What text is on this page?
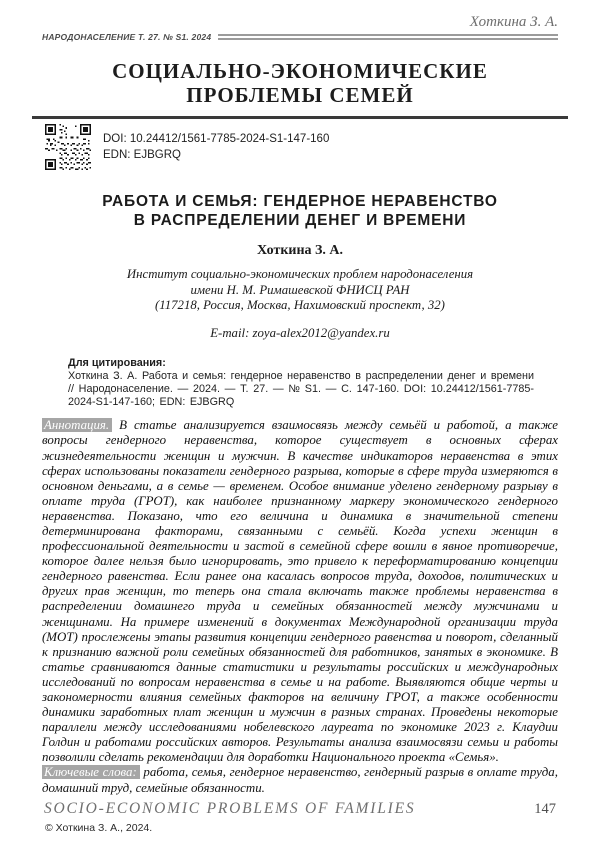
Хоткина З. А.
НАРОДОНАСЕЛЕНИЕ Т. 27. № S1. 2024
СОЦИАЛЬНО-ЭКОНОМИЧЕСКИЕ
ПРОБЛЕМЫ СЕМЕЙ
DOI: 10.24412/1561-7785-2024-S1-147-160
EDN: EJBGRQ
РАБОТА И СЕМЬЯ: ГЕНДЕРНОЕ НЕРАВЕНСТВО
В РАСПРЕДЕЛЕНИИ ДЕНЕГ И ВРЕМЕНИ
Хоткина З. А.
Институт социально-экономических проблем народонаселения
имени Н. М. Римашевской ФНИСЦ РАН
(117218, Россия, Москва, Нахимовский проспект, 32)
E-mail: zoya-alex2012@yandex.ru
Для цитирования:
Хоткина З. А. Работа и семья: гендерное неравенство в распределении денег и времени // Народонаселение. — 2024. — Т. 27. — № S1. — С. 147-160. DOI: 10.24412/1561-7785-2024-S1-147-160; EDN: EJBGRQ

Аннотация. В статье анализируется взаимосвязь между семьёй и работой, а также вопросы гендерного неравенства, которое существует в основных сферах жизнедеятельности женщин и мужчин. В качестве индикаторов неравенства в этих сферах использованы показатели гендерного разрыва, которые в сфере труда измеряются в основном деньгами, а в семье — временем. Особое внимание уделено гендерному разрыву в оплате труда (ГРОТ), как наиболее признанному маркеру экономического гендерного неравенства. Показано, что его величина и динамика в значительной степени детерминирована факторами, связанными с семьёй. Когда успехи женщин в профессиональной деятельности и застой в семейной сфере вошли в явное противоречие, которое далее нельзя было игнорировать, это привело к переформатированию концепции гендерного равенства. Если ранее она касалась вопросов труда, доходов, политических и других прав женщин, то теперь она стала включать также проблемы неравенства в распределении домашнего труда и семейных обязанностей между мужчинами и женщинами. На примере изменений в документах Международной организации труда (МОТ) прослежены этапы развития концепции гендерного равенства и поворот, сделанный к признанию важной роли семейных обязанностей для работников, занятых в экономике. В статье сравниваются данные статистики и результаты российских и международных исследований по вопросам неравенства в семье и на работе. Выявляются общие черты и закономерности влияния семейных факторов на величину ГРОТ, а также особенности динамики заработных плат женщин и мужчин в разных странах. Проведены некоторые параллели между исследованиями нобелевского лауреата по экономике 2023 г. Клаудии Голдин и работами российских авторов. Результаты анализа взаимосвязи семьи и работы позволили сделать рекомендации для доработки Национального проекта «Семья».

Ключевые слова: работа, семья, гендерное неравенство, гендерный разрыв в оплате труда, домашний труд, семейные обязанности.

© Хоткина З. А., 2024.
SOCIO-ECONOMIC PROBLEMS OF FAMILIES	147
